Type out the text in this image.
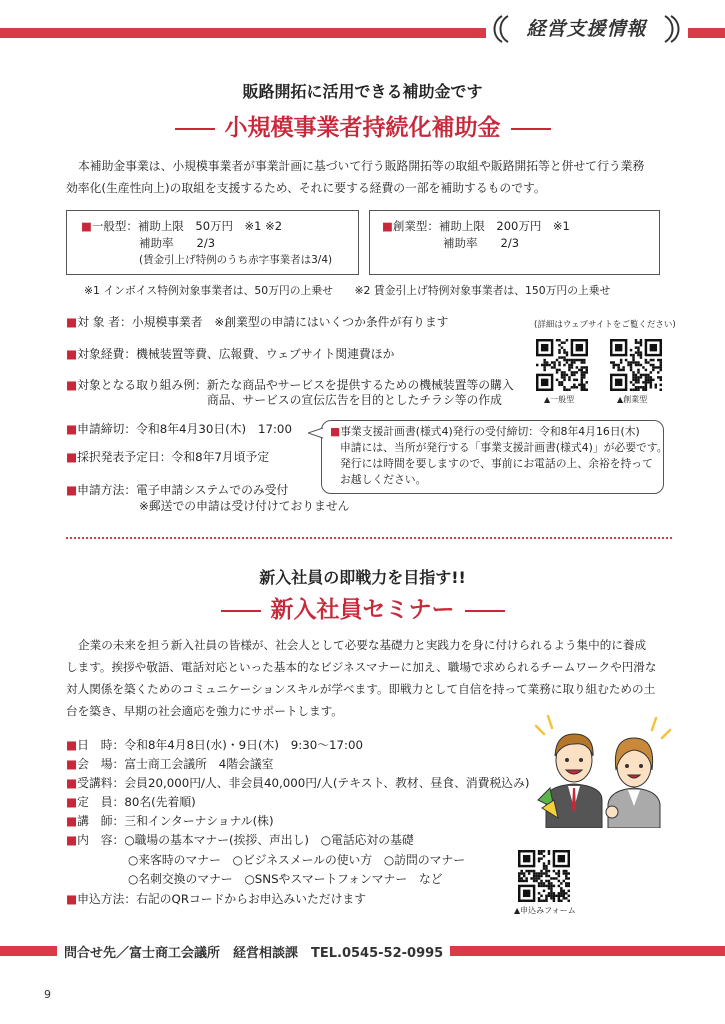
経営支援情報
販路開拓に活用できる補助金です
小規模事業者持続化補助金
本補助金事業は、小規模事業者が事業計画に基づいて行う販路開拓等の取組や販路開拓等と併せて行う業務
効率化(生産性向上)の取組を支援するため、それに要する経費の一部を補助するものです。
■一般型：補助上限　50万円　※1 ※2
補助率　　2/3
(賃金引上げ特例のうち赤字事業者は3/4)
■創業型：補助上限　200万円　※1
補助率　　2/3
※1 インボイス特例対象事業者は、50万円の上乗せ　　※2 賃金引上げ特例対象事業者は、150万円の上乗せ
■対 象 者：小規模事業者　※創業型の申請にはいくつか条件が有ります
■対象経費：機械装置等費、広報費、ウェブサイト関連費ほか
■対象となる取り組み例：新たな商品やサービスを提供するための機械装置等の購入
商品、サービスの宣伝広告を目的としたチラシ等の作成
■申請締切：令和8年4月30日(木)　17:00
■採択発表予定日：令和8年7月頃予定
■申請方法：電子申請システムでのみ受付
※郵送での申請は受け付けておりません
■事業支援計画書(様式4)発行の受付締切：令和8年4月16日(木)
申請には、当所が発行する「事業支援計画書(様式4)」が必要です。
発行には時間を要しますので、事前にお電話の上、余裕を持って
お越しください。
(詳細はウェブサイトをご覧ください)
▲一般型	▲創業型
新入社員の即戦力を目指す!!
新入社員セミナー
企業の未来を担う新入社員の皆様が、社会人として必要な基礎力と実践力を身に付けられるよう集中的に養成
します。挨拶や敬語、電話対応といった基本的なビジネスマナーに加え、職場で求められるチームワークや円滑な
対人関係を築くためのコミュニケーションスキルが学べます。即戦力として自信を持って業務に取り組むための土
台を築き、早期の社会適応を強力にサポートします。
■日　時：令和8年4月8日(水)・9日(木)　9:30〜17:00
■会　場：富士商工会議所　4階会議室
■受講料：会員20,000円/人、非会員40,000円/人(テキスト、教材、昼食、消費税込み)
■定　員：80名(先着順)
■講　師：三和インターナショナル(株)
■内　容：○職場の基本マナー(挨拶、声出し)　○電話応対の基礎
○来客時のマナー　○ビジネスメールの使い方　○訪問のマナー
○名刺交換のマナー　○SNSやスマートフォンマナー　など
■申込方法：右記のQRコードからお申込みいただけます
▲申込みフォーム
問合せ先／富士商工会議所　経営相談課　TEL.0545-52-0995
9
